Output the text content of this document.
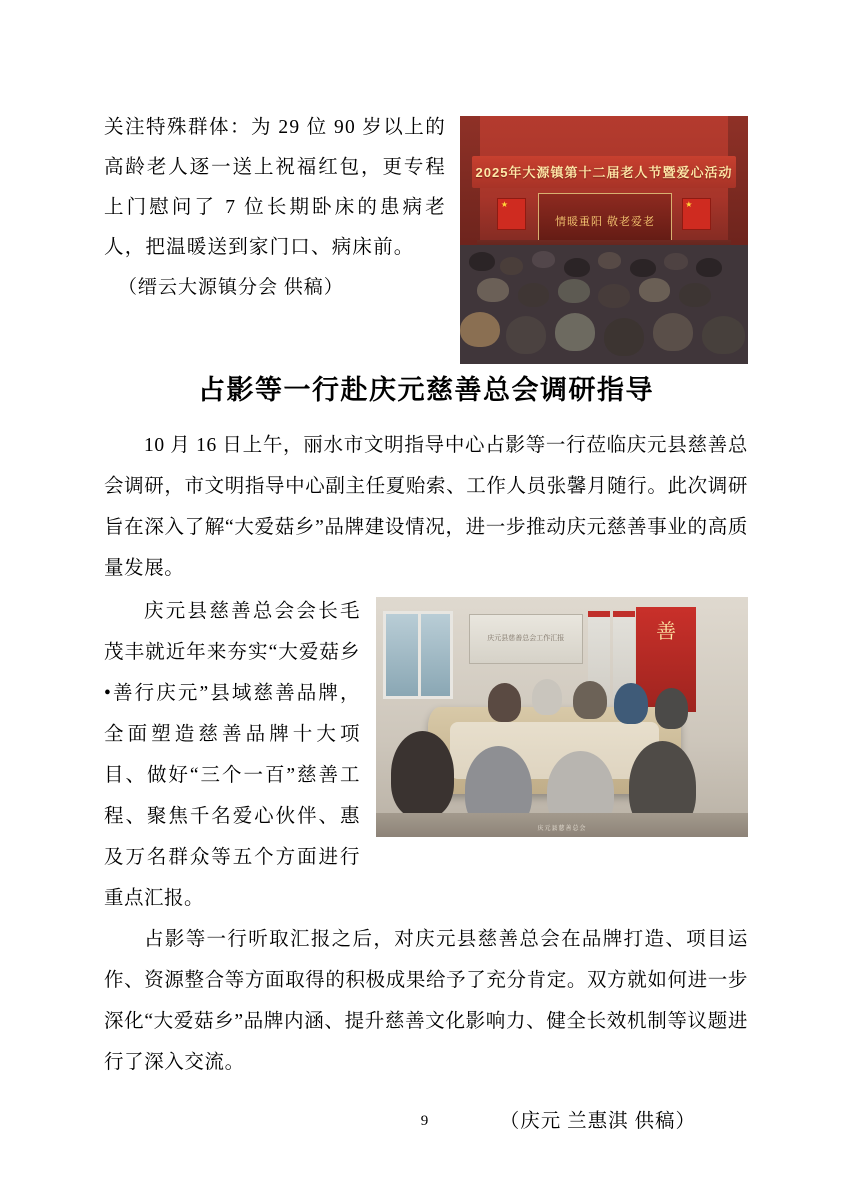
2025年大源镇第十二届老人节暨爱心活动
★
★
情暖重阳 敬老爱老

关注特殊群体：为 29 位 90 岁以上的高龄老人逐一送上祝福红包，更专程上门慰问了 7 位长期卧床的患病老人，把温暖送到家门口、病床前。

（缙云大源镇分会 供稿）

占影等一行赴庆元慈善总会调研指导

10 月 16 日上午，丽水市文明指导中心占影等一行莅临庆元县慈善总会调研，市文明指导中心副主任夏贻索、工作人员张馨月随行。此次调研旨在深入了解“大爱菇乡”品牌建设情况，进一步推动庆元慈善事业的高质量发展。

庆元县慈善总会工作汇报
善
庆元县慈善总会

庆元县慈善总会会长毛茂丰就近年来夯实“大爱菇乡•善行庆元”县域慈善品牌，全面塑造慈善品牌十大项目、做好“三个一百”慈善工程、聚焦千名爱心伙伴、惠及万名群众等五个方面进行重点汇报。

占影等一行听取汇报之后，对庆元县慈善总会在品牌打造、项目运作、资源整合等方面取得的积极成果给予了充分肯定。双方就如何进一步深化“大爱菇乡”品牌内涵、提升慈善文化影响力、健全长效机制等议题进行了深入交流。

（庆元 兰惠淇 供稿）

9
